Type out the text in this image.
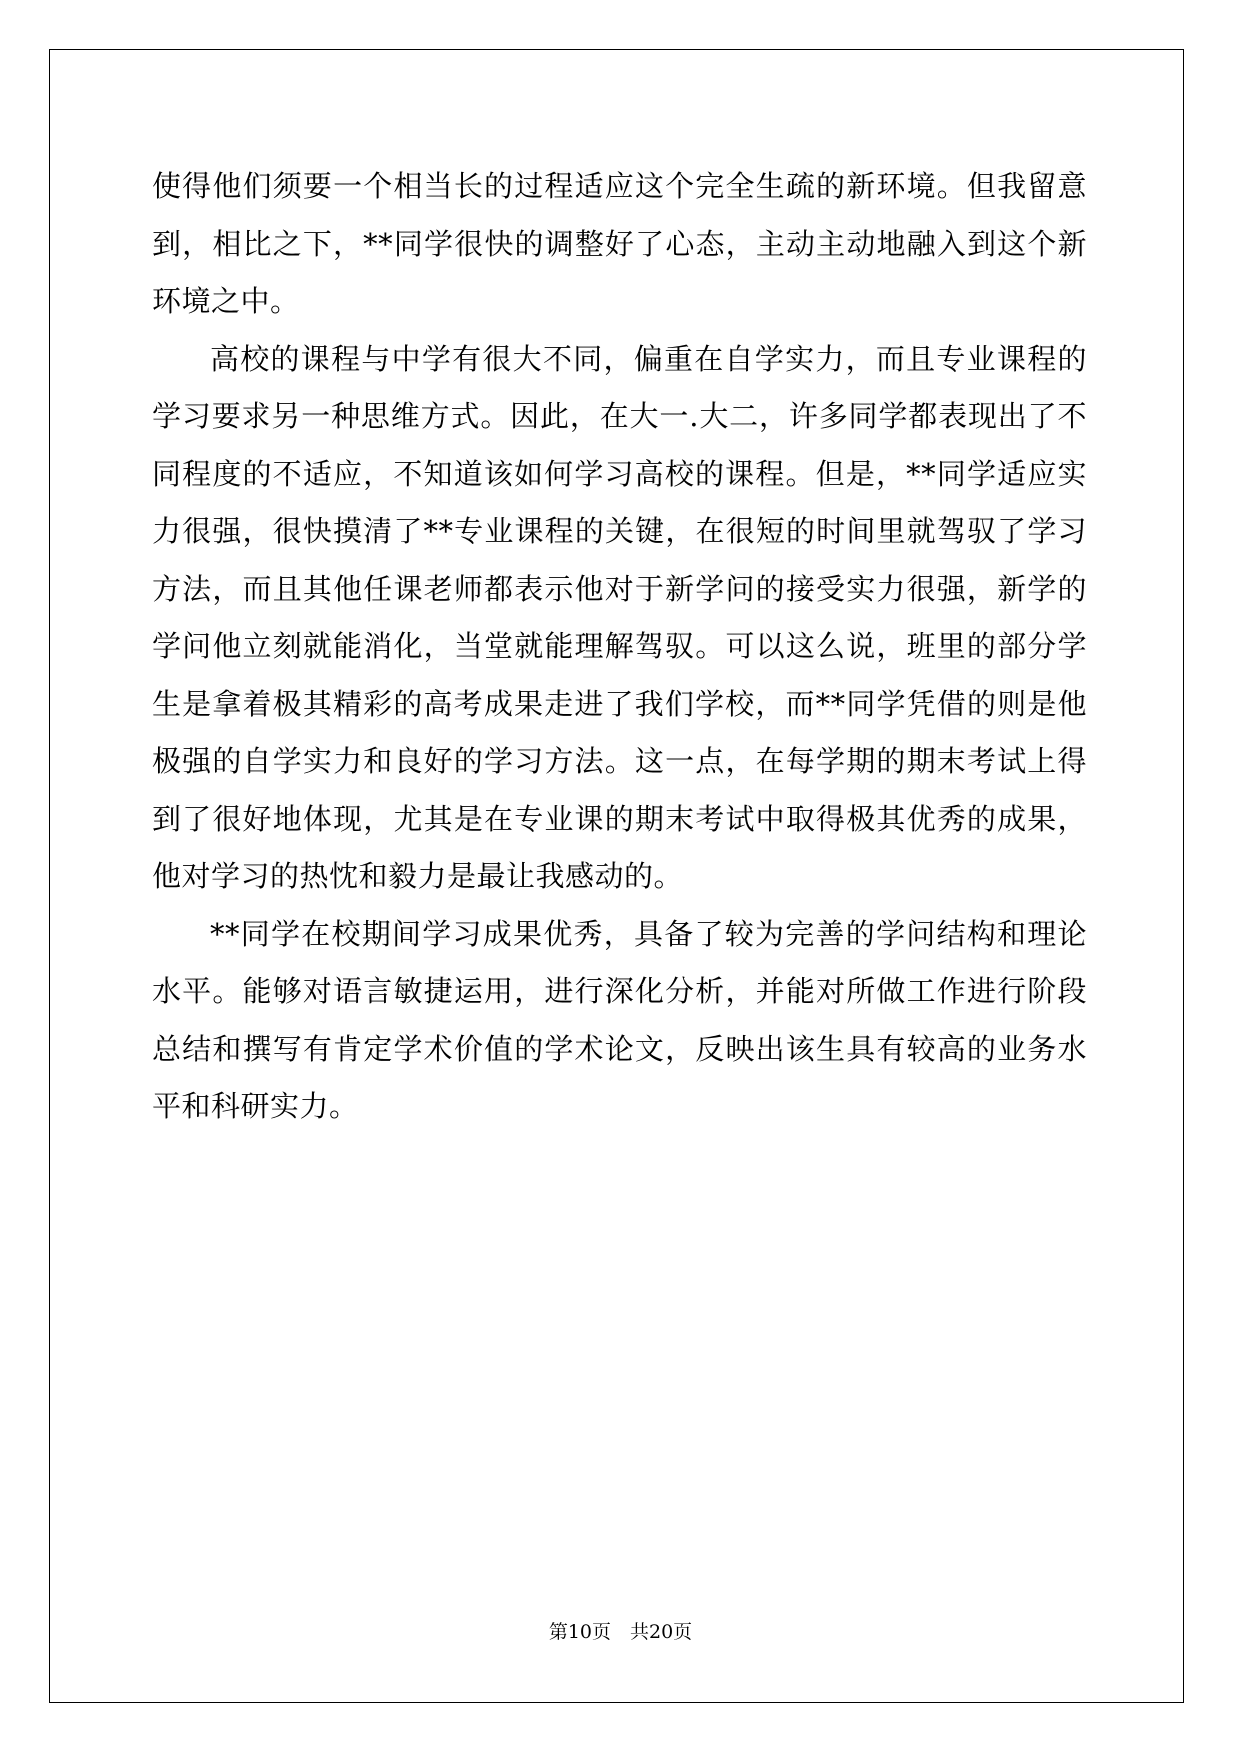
使得他们须要一个相当长的过程适应这个完全生疏的新环境。但我留意到，相比之下，**同学很快的调整好了心态，主动主动地融入到这个新环境之中。

高校的课程与中学有很大不同，偏重在自学实力，而且专业课程的学习要求另一种思维方式。因此，在大一.大二，许多同学都表现出了不同程度的不适应，不知道该如何学习高校的课程。但是，**同学适应实力很强，很快摸清了**专业课程的关键，在很短的时间里就驾驭了学习方法，而且其他任课老师都表示他对于新学问的接受实力很强，新学的学问他立刻就能消化，当堂就能理解驾驭。可以这么说，班里的部分学生是拿着极其精彩的高考成果走进了我们学校，而**同学凭借的则是他极强的自学实力和良好的学习方法。这一点，在每学期的期末考试上得到了很好地体现，尤其是在专业课的期末考试中取得极其优秀的成果，他对学习的热忱和毅力是最让我感动的。

**同学在校期间学习成果优秀，具备了较为完善的学问结构和理论水平。能够对语言敏捷运用，进行深化分析，并能对所做工作进行阶段总结和撰写有肯定学术价值的学术论文，反映出该生具有较高的业务水平和科研实力。

第10页　共20页
